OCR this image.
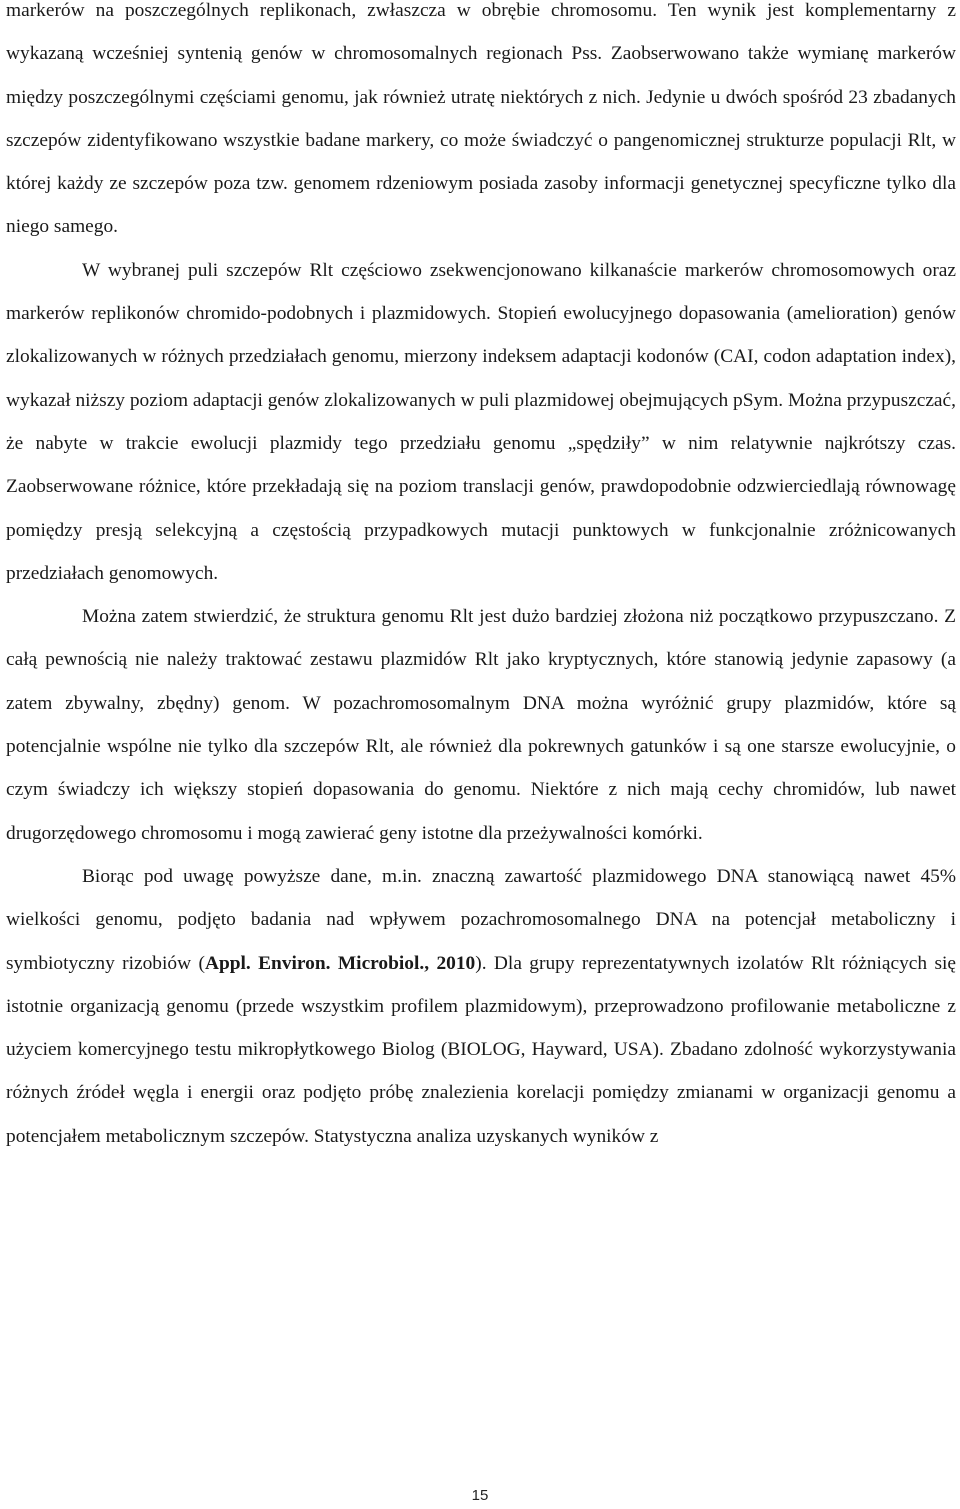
markerów na poszczególnych replikonach, zwłaszcza w obrębie chromosomu. Ten wynik jest komplementarny z wykazaną wcześniej syntenią genów w chromosomalnych regionach Pss. Zaobserwowano także wymianę markerów między poszczególnymi częściami genomu, jak również utratę niektórych z nich. Jedynie u dwóch spośród 23 zbadanych szczepów zidentyfikowano wszystkie badane markery, co może świadczyć o pangenomicznej strukturze populacji Rlt, w której każdy ze szczepów poza tzw. genomem rdzeniowym posiada zasoby informacji genetycznej specyficzne tylko dla niego samego.

W wybranej puli szczepów Rlt częściowo zsekwencjonowano kilkanaście markerów chromosomowych oraz markerów replikonów chromido-podobnych i plazmidowych. Stopień ewolucyjnego dopasowania (amelioration) genów zlokalizowanych w różnych przedziałach genomu, mierzony indeksem adaptacji kodonów (CAI, codon adaptation index), wykazał niższy poziom adaptacji genów zlokalizowanych w puli plazmidowej obejmujących pSym. Można przypuszczać, że nabyte w trakcie ewolucji plazmidy tego przedziału genomu „spędziły” w nim relatywnie najkrótszy czas. Zaobserwowane różnice, które przekładają się na poziom translacji genów, prawdopodobnie odzwierciedlają równowagę pomiędzy presją selekcyjną a częstością przypadkowych mutacji punktowych w funkcjonalnie zróżnicowanych przedziałach genomowych.

Można zatem stwierdzić, że struktura genomu Rlt jest dużo bardziej złożona niż początkowo przypuszczano. Z całą pewnością nie należy traktować zestawu plazmidów Rlt jako kryptycznych, które stanowią jedynie zapasowy (a zatem zbywalny, zbędny) genom. W pozachromosomalnym DNA można wyróżnić grupy plazmidów, które są potencjalnie wspólne nie tylko dla szczepów Rlt, ale również dla pokrewnych gatunków i są one starsze ewolucyjnie, o czym świadczy ich większy stopień dopasowania do genomu. Niektóre z nich mają cechy chromidów, lub nawet drugorzędowego chromosomu i mogą zawierać geny istotne dla przeżywalności komórki.

Biorąc pod uwagę powyższe dane, m.in. znaczną zawartość plazmidowego DNA stanowiącą nawet 45% wielkości genomu, podjęto badania nad wpływem pozachromosomalnego DNA na potencjał metaboliczny i symbiotyczny rizobiów (Appl. Environ. Microbiol., 2010). Dla grupy reprezentatywnych izolatów Rlt różniących się istotnie organizacją genomu (przede wszystkim profilem plazmidowym), przeprowadzono profilowanie metaboliczne z użyciem komercyjnego testu mikropłytkowego Biolog (BIOLOG, Hayward, USA). Zbadano zdolność wykorzystywania różnych źródeł węgla i energii oraz podjęto próbę znalezienia korelacji pomiędzy zmianami w organizacji genomu a potencjałem metabolicznym szczepów. Statystyczna analiza uzyskanych wyników z

15
